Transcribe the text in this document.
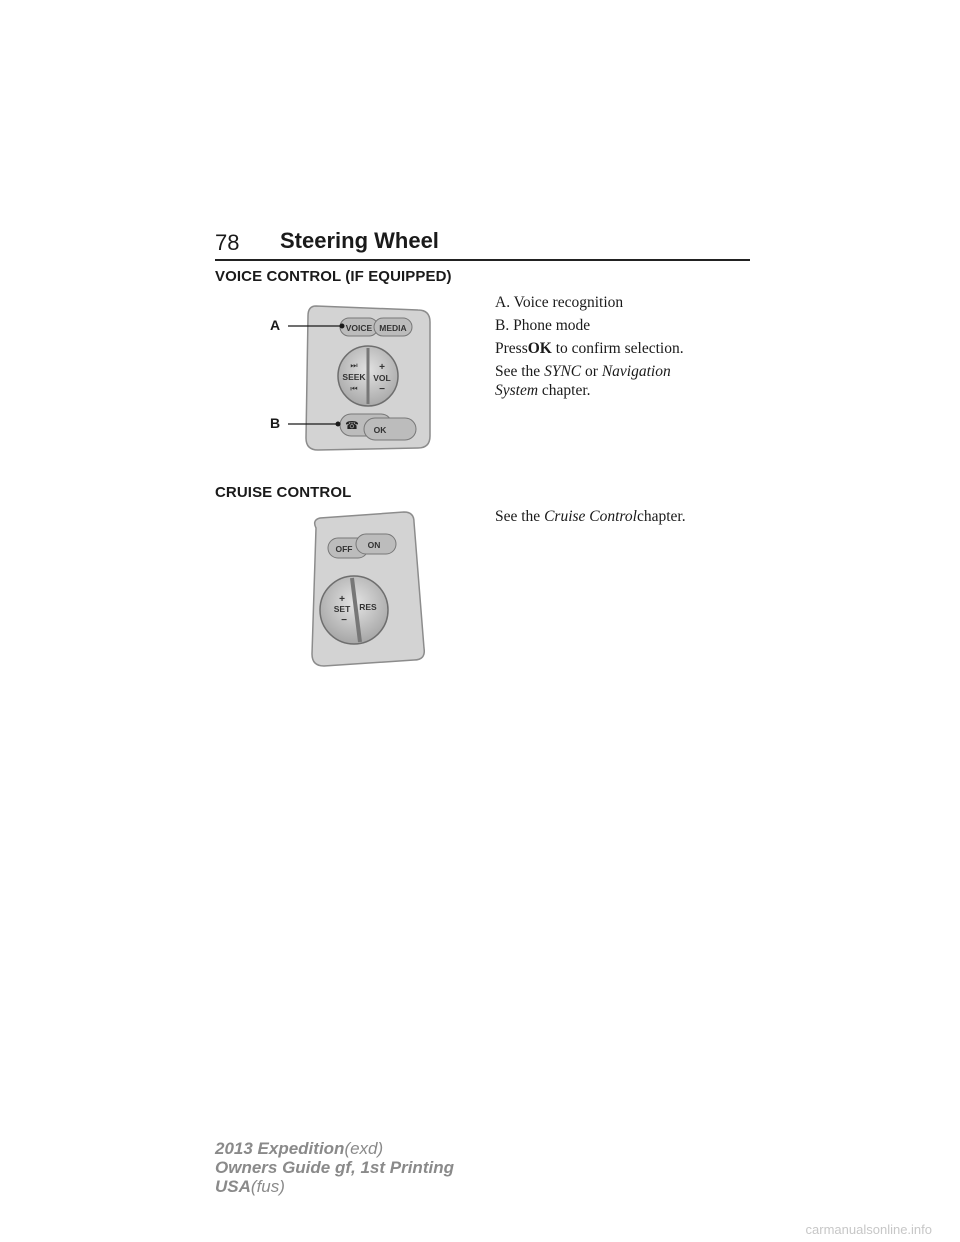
78 Steering Wheel
VOICE CONTROL (IF EQUIPPED)
VOICE MEDIA
⏭
SEEK
⏮
+
VOL
−
☎ OK
A
B
A. Voice recognition
B. Phone mode
PressOK to confirm selection.
See the SYNC or Navigation
System chapter.
CRUISE CONTROL
OFF ON
+
SET
−
RES
See the Cruise Controlchapter.
2013 Expedition(exd)
Owners Guide gf, 1st Printing
USA(fus)
carmanualsonline.info
